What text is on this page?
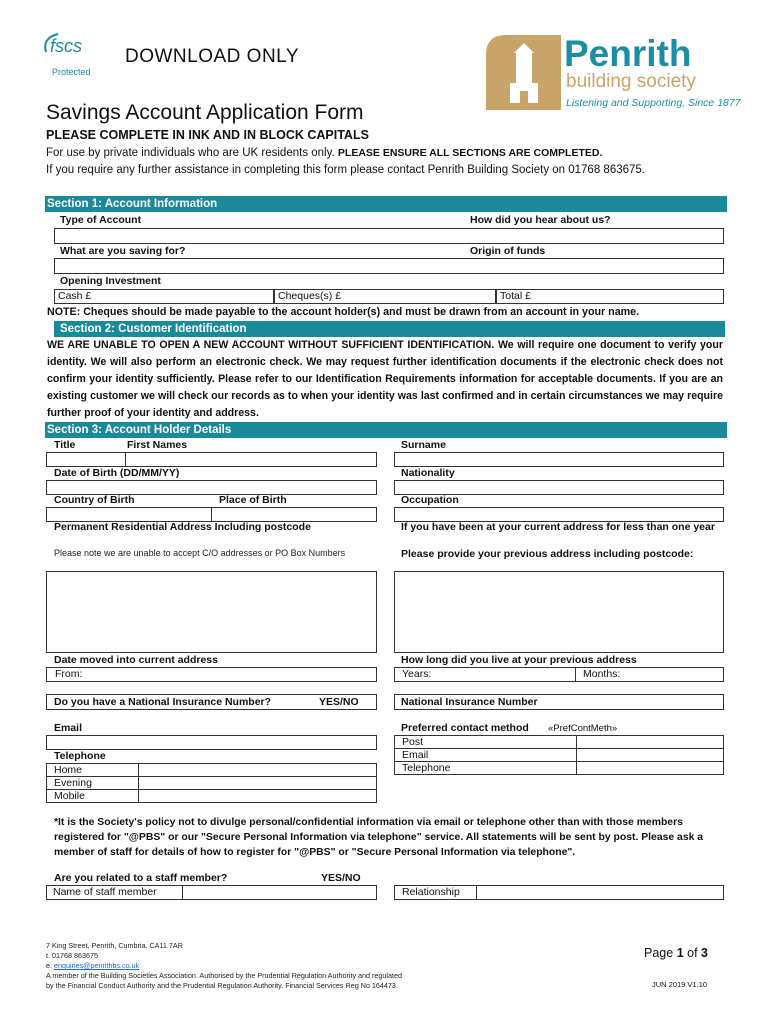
fscs
Protected
DOWNLOAD ONLY	Penrith
building society
Listening and Supporting, Since 1877
Savings Account Application Form
PLEASE COMPLETE IN INK AND IN BLOCK CAPITALS
For use by private individuals who are UK residents only. PLEASE ENSURE ALL SECTIONS ARE COMPLETED.
If you require any further assistance in completing this form please contact Penrith Building Society on 01768 863675.
Section 1: Account Information
Type of Account	How did you hear about us?
What are you saving for?	Origin of funds
Opening Investment
Cash £	Cheques(s) £	Total £
NOTE: Cheques should be made payable to the account holder(s) and must be drawn from an account in your name.
Section 2: Customer Identification
WE ARE UNABLE TO OPEN A NEW ACCOUNT WITHOUT SUFFICIENT IDENTIFICATION. We will require one document to verify your identity. We will also perform an electronic check. We may request further identification documents if the electronic check does not confirm your identity sufficiently. Please refer to our Identification Requirements information for acceptable documents. If you are an existing customer we will check our records as to when your identity was last confirmed and in certain circumstances we may require further proof of your identity and address.
Section 3: Account Holder Details
Title	First Names	Surname
Date of Birth (DD/MM/YY)	Nationality
Country of Birth	Place of Birth	Occupation
Permanent Residential Address Including postcode
Please note we are unable to accept C/O addresses or PO Box Numbers
If you have been at your current address for less than one year
Please provide your previous address including postcode:
Date moved into current address	How long did you live at your previous address
From:	Years:	Months:
Do you have a National Insurance Number?	YES/NO	National Insurance Number
Email
Telephone
Home
Evening
Mobile
Preferred contact method «PrefContMeth»
Post
Email
Telephone
*It is the Society's policy not to divulge personal/confidential information via email or telephone other than with those members registered for "@PBS" or our "Secure Personal Information via telephone" service. All statements will be sent by post. Please ask a member of staff for details of how to register for "@PBS" or "Secure Personal Information via telephone".
Are you related to a staff member?	YES/NO
Name of staff member	Relationship
7 King Street, Penrith, Cumbria. CA11 7AR
t. 01768 863675
e. enquiries@penrithbs.co.uk
A member of the Building Societies Association. Authorised by the Prudential Regulation Authority and regulated
by the Financial Conduct Authority and the Prudential Regulation Authority. Financial Services Reg No 164473.
Page 1 of 3
JUN 2019 V1.10
